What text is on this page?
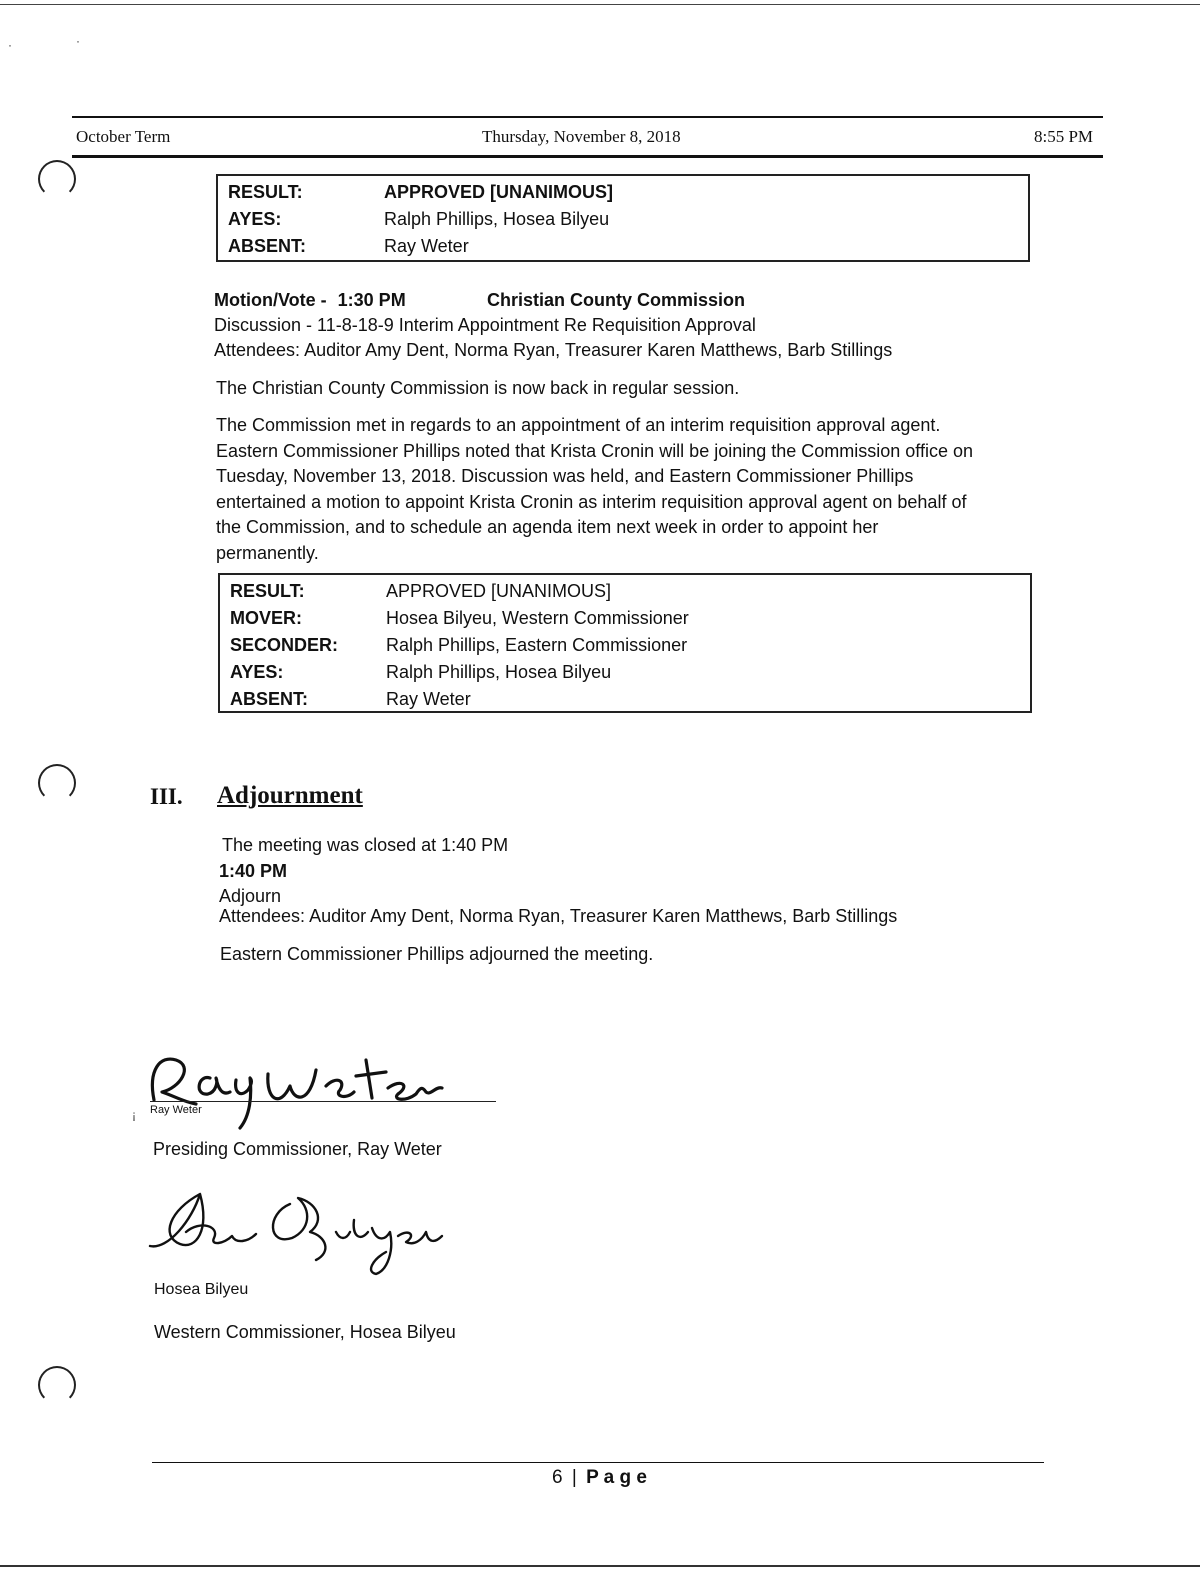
·	·
October Term	Thursday, November 8, 2018	8:55 PM
RESULT:	APPROVED [UNANIMOUS]
AYES:	Ralph Phillips, Hosea Bilyeu
ABSENT:	Ray Weter
Motion/Vote - 1:30 PM	Christian County Commission
Discussion - 11-8-18-9 Interim Appointment Re Requisition Approval
Attendees: Auditor Amy Dent, Norma Ryan, Treasurer Karen Matthews, Barb Stillings
The Christian County Commission is now back in regular session.
The Commission met in regards to an appointment of an interim requisition approval agent.
Eastern Commissioner Phillips noted that Krista Cronin will be joining the Commission office on
Tuesday, November 13, 2018. Discussion was held, and Eastern Commissioner Phillips
entertained a motion to appoint Krista Cronin as interim requisition approval agent on behalf of
the Commission, and to schedule an agenda item next week in order to appoint her
permanently.
RESULT:	APPROVED [UNANIMOUS]
MOVER:	Hosea Bilyeu, Western Commissioner
SECONDER:	Ralph Phillips, Eastern Commissioner
AYES:	Ralph Phillips, Hosea Bilyeu
ABSENT:	Ray Weter
III. Adjournment
The meeting was closed at 1:40 PM
1:40 PM
Adjourn
Attendees: Auditor Amy Dent, Norma Ryan, Treasurer Karen Matthews, Barb Stillings
Eastern Commissioner Phillips adjourned the meeting.
Ray Weter
¡
Presiding Commissioner, Ray Weter
Hosea Bilyeu
Western Commissioner, Hosea Bilyeu
6 | P a g e
